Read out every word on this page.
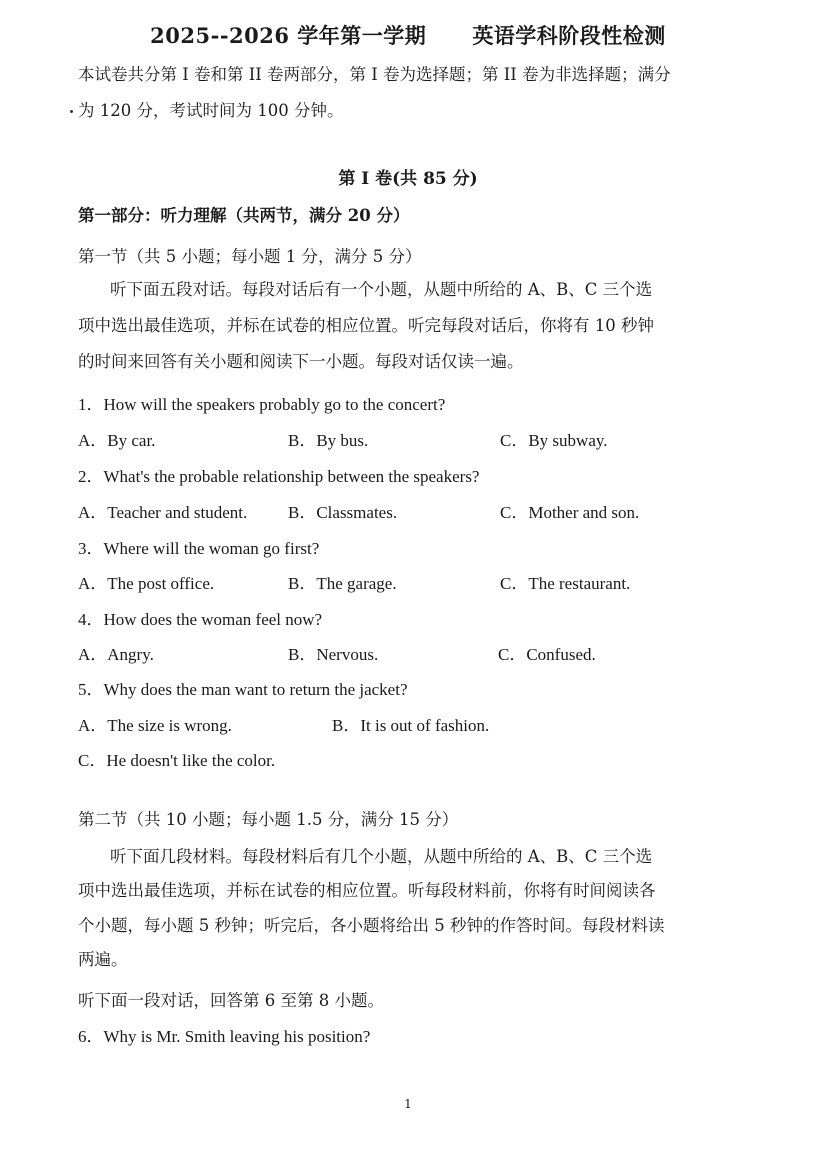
2025--2026 学年第一学期 英语学科阶段性检测
本试卷共分第 I 卷和第 II 卷两部分，第 I 卷为选择题；第 II 卷为非选择题；满分
为 120 分，考试时间为 100 分钟。
第 I 卷(共 85 分)
第一部分：听力理解（共两节，满分 20 分）
第一节（共 5 小题；每小题 1 分，满分 5 分）
听下面五段对话。每段对话后有一个小题，从题中所给的 A、B、C 三个选
项中选出最佳选项，并标在试卷的相应位置。听完每段对话后，你将有 10 秒钟
的时间来回答有关小题和阅读下一小题。每段对话仅读一遍。
1．How will the speakers probably go to the concert?
A．By car.	B．By bus.	C．By subway.
2．What's the probable relationship between the speakers?
A．Teacher and student. B．Classmates.	C．Mother and son.
3．Where will the woman go first?
A．The post office.	B．The garage.	C．The restaurant.
4．How does the woman feel now?
A．Angry.	B．Nervous.	C．Confused.
5．Why does the man want to return the jacket?
A．The size is wrong.	B．It is out of fashion.
C．He doesn't like the color.
第二节（共 10 小题；每小题 1.5 分，满分 15 分）
听下面几段材料。每段材料后有几个小题，从题中所给的 A、B、C 三个选
项中选出最佳选项，并标在试卷的相应位置。听每段材料前，你将有时间阅读各
个小题，每小题 5 秒钟；听完后，各小题将给出 5 秒钟的作答时间。每段材料读
两遍。
听下面一段对话，回答第 6 至第 8 小题。
6．Why is Mr. Smith leaving his position?
1
